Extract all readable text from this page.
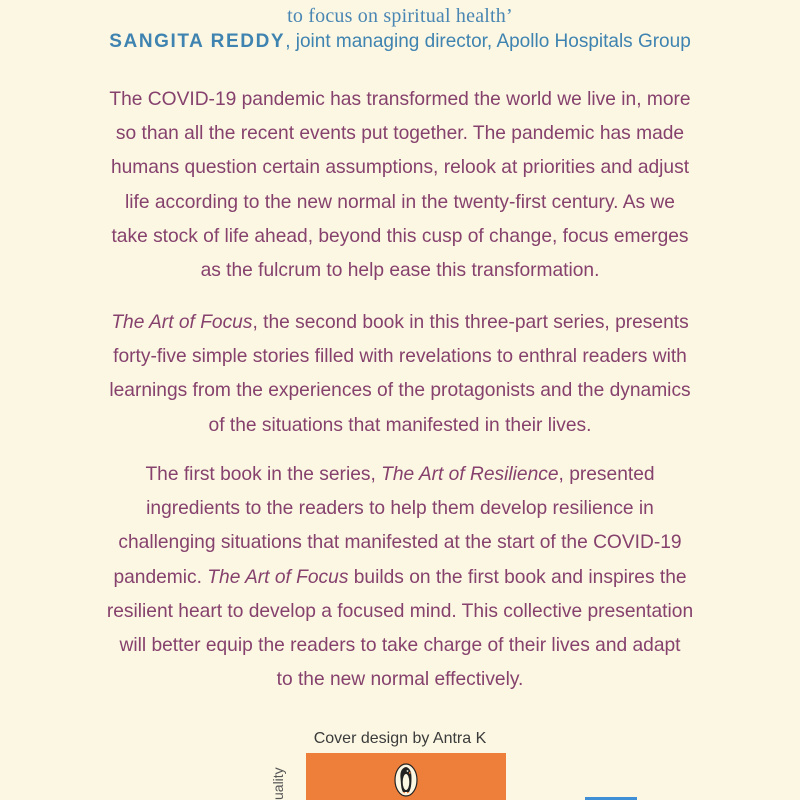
to focus on spiritual health’
SANGITA REDDY, joint managing director, Apollo Hospitals Group

The COVID-19 pandemic has transformed the world we live in, more

so than all the recent events put together. The pandemic has made

humans question certain assumptions, relook at priorities and adjust

life according to the new normal in the twenty-first century. As we

take stock of life ahead, beyond this cusp of change, focus emerges

as the fulcrum to help ease this transformation.

The Art of Focus, the second book in this three-part series, presents

forty-five simple stories filled with revelations to enthral readers with

learnings from the experiences of the protagonists and the dynamics

of the situations that manifested in their lives.

The first book in the series, The Art of Resilience, presented

ingredients to the readers to help them develop resilience in

challenging situations that manifested at the start of the COVID-19

pandemic. The Art of Focus builds on the first book and inspires the

resilient heart to develop a focused mind. This collective presentation

will better equip the readers to take charge of their lives and adapt

to the new normal effectively.

Cover design by Antra K
uality
